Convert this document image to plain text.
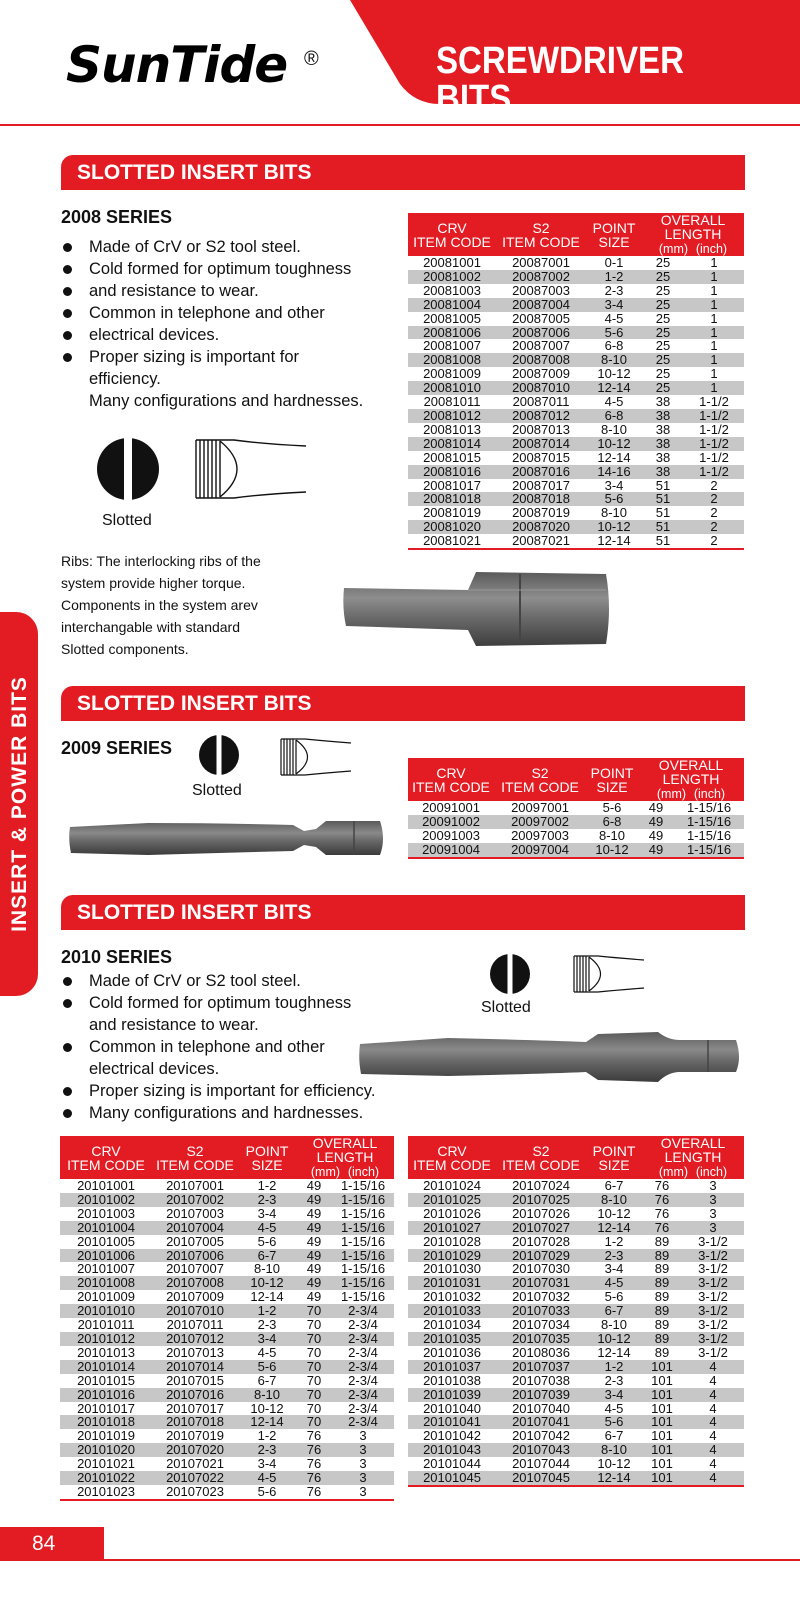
SunTide ®	SCREWDRIVER BITS
INSERT & POWER BITS
SLOTTED INSERT BITS
2008 SERIES
Made of CrV or S2 tool steel.
Cold formed for optimum toughness
and resistance to wear.
Common in telephone and other
electrical devices.
Proper sizing is important for
efficiency.
Many configurations and hardnesses.
Slotted
Ribs: The interlocking ribs of the
system provide higher torque.
Components in the system arev
interchangable with standard
Slotted components.
CRV
ITEM CODE	S2
ITEM CODE	POINT
SIZE	OVERALL
LENGTH
(mm) (inch)	
20081001	20087001	0-1	25	1
20081002	20087002	1-2	25	1
20081003	20087003	2-3	25	1
20081004	20087004	3-4	25	1
20081005	20087005	4-5	25	1
20081006	20087006	5-6	25	1
20081007	20087007	6-8	25	1
20081008	20087008	8-10	25	1
20081009	20087009	10-12	25	1
20081010	20087010	12-14	25	1
20081011	20087011	4-5	38	1-1/2
20081012	20087012	6-8	38	1-1/2
20081013	20087013	8-10	38	1-1/2
20081014	20087014	10-12	38	1-1/2
20081015	20087015	12-14	38	1-1/2
20081016	20087016	14-16	38	1-1/2
20081017	20087017	3-4	51	2
20081018	20087018	5-6	51	2
20081019	20087019	8-10	51	2
20081020	20087020	10-12	51	2
20081021	20087021	12-14	51	2
SLOTTED INSERT BITS
2009 SERIES
Slotted
CRV
ITEM CODE	S2
ITEM CODE	POINT
SIZE	OVERALL
LENGTH
(mm) (inch)	
20091001	20097001	5-6	49	1-15/16
20091002	20097002	6-8	49	1-15/16
20091003	20097003	8-10	49	1-15/16
20091004	20097004	10-12	49	1-15/16
SLOTTED INSERT BITS
2010 SERIES
Made of CrV or S2 tool steel.
Cold formed for optimum toughness
and resistance to wear.
Common in telephone and other
electrical devices.
Proper sizing is important for efficiency.
Many configurations and hardnesses.
Slotted
CRV
ITEM CODE	S2
ITEM CODE	POINT
SIZE	OVERALL
LENGTH
(mm) (inch)	
20101001	20107001	1-2	49	1-15/16
20101002	20107002	2-3	49	1-15/16
20101003	20107003	3-4	49	1-15/16
20101004	20107004	4-5	49	1-15/16
20101005	20107005	5-6	49	1-15/16
20101006	20107006	6-7	49	1-15/16
20101007	20107007	8-10	49	1-15/16
20101008	20107008	10-12	49	1-15/16
20101009	20107009	12-14	49	1-15/16
20101010	20107010	1-2	70	2-3/4
20101011	20107011	2-3	70	2-3/4
20101012	20107012	3-4	70	2-3/4
20101013	20107013	4-5	70	2-3/4
20101014	20107014	5-6	70	2-3/4
20101015	20107015	6-7	70	2-3/4
20101016	20107016	8-10	70	2-3/4
20101017	20107017	10-12	70	2-3/4
20101018	20107018	12-14	70	2-3/4
20101019	20107019	1-2	76	3
20101020	20107020	2-3	76	3
20101021	20107021	3-4	76	3
20101022	20107022	4-5	76	3
20101023	20107023	5-6	76	3
CRV
ITEM CODE	S2
ITEM CODE	POINT
SIZE	OVERALL
LENGTH
(mm) (inch)	
20101024	20107024	6-7	76	3
20101025	20107025	8-10	76	3
20101026	20107026	10-12	76	3
20101027	20107027	12-14	76	3
20101028	20107028	1-2	89	3-1/2
20101029	20107029	2-3	89	3-1/2
20101030	20107030	3-4	89	3-1/2
20101031	20107031	4-5	89	3-1/2
20101032	20107032	5-6	89	3-1/2
20101033	20107033	6-7	89	3-1/2
20101034	20107034	8-10	89	3-1/2
20101035	20107035	10-12	89	3-1/2
20101036	20108036	12-14	89	3-1/2
20101037	20107037	1-2	101	4
20101038	20107038	2-3	101	4
20101039	20107039	3-4	101	4
20101040	20107040	4-5	101	4
20101041	20107041	5-6	101	4
20101042	20107042	6-7	101	4
20101043	20107043	8-10	101	4
20101044	20107044	10-12	101	4
20101045	20107045	12-14	101	4
84
